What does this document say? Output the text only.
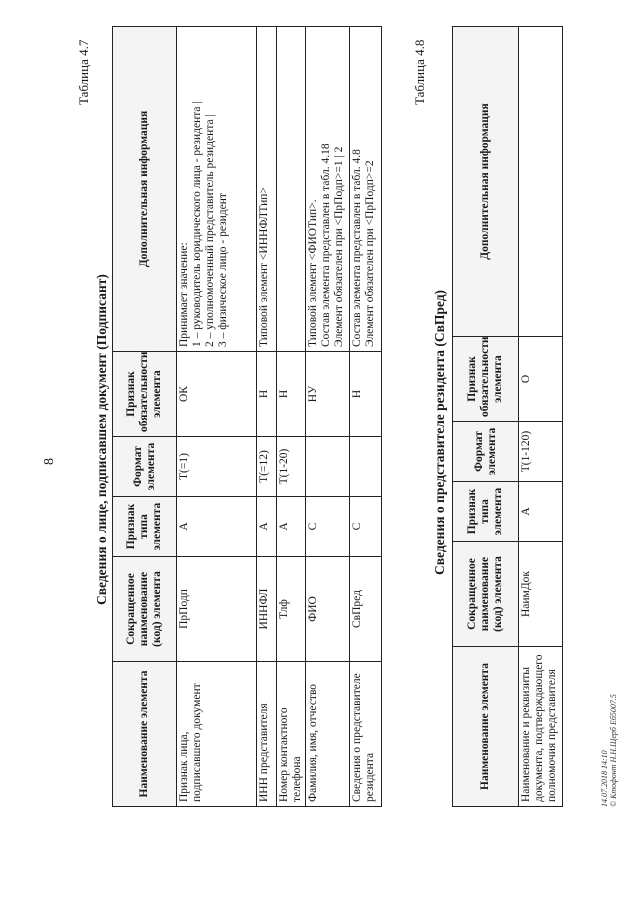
8
Таблица 4.7
Сведения о лице, подписавшем документ (Подписант)
Наименование элемента	Сокращенное наименование (код) элемента	Признак типа элемента	Формат элемента	Признак обязательности элемента	Дополнительная информация
Признак лица, подписавшего документ	ПрПодп	А	Т(=1)	ОК	Принимает значение: 1 – руководитель юридического лица - резидента | 2 – уполномоченный представитель резидента | 3 – физическое лицо - резидент

ИНН представителя	ИННФЛ	А	Т(=12)	Н	Типовой элемент <ИННФЛТип>

Номер контактного телефона	Тлф	А	Т(1-20)	Н	
Фамилия, имя, отчество	ФИО	С		НУ	Типовой элемент <ФИОТип>. Состав элемента представлен в табл. 4.18 Элемент обязателен при <ПрПодп>=1 | 2

Сведения о представителе резидента	СвПред	С		Н	Состав элемента представлен в табл. 4.8 Элемент обязателен при <ПрПодп>=2
Таблица 4.8
Сведения о представителе резидента (СвПред)
Наименование элемента	Сокращенное наименование (код) элемента	Признак типа элемента	Формат элемента	Признак обязательности элемента	Дополнительная информация
Наименование и реквизиты документа, подтверждающего полномочия представителя	НаимДок	А	Т(1-120)	О	
14.07.2018 14:10 © Ктофонт Н.Н.Щерб Еб5007.5
